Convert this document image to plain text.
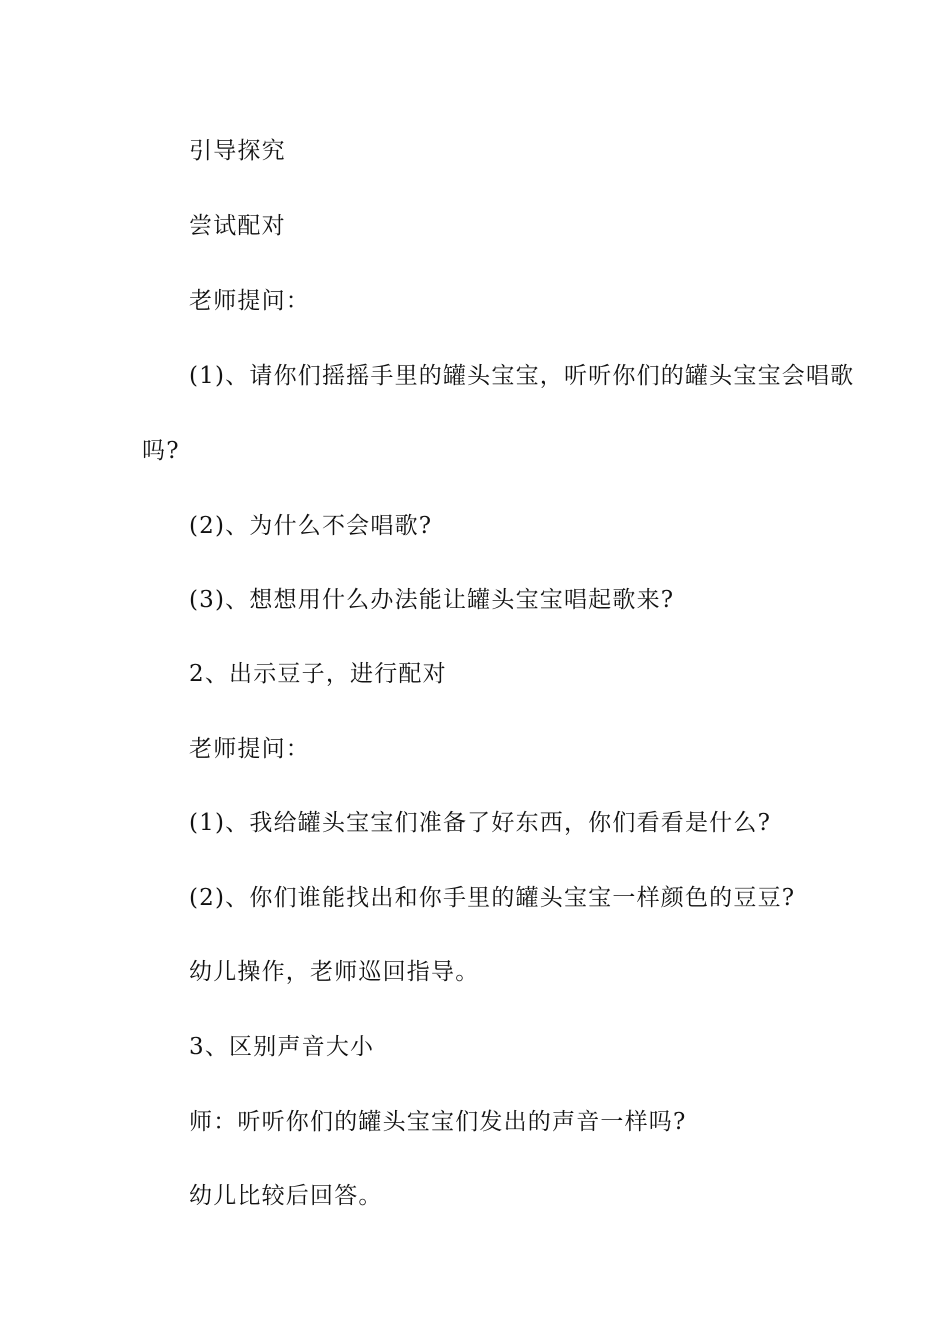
引导探究

尝试配对

老师提问：

(1)、请你们摇摇手里的罐头宝宝，听听你们的罐头宝宝会唱歌

吗?

(2)、为什么不会唱歌?

(3)、想想用什么办法能让罐头宝宝唱起歌来?

2、出示豆子，进行配对

老师提问：

(1)、我给罐头宝宝们准备了好东西，你们看看是什么?

(2)、你们谁能找出和你手里的罐头宝宝一样颜色的豆豆?

幼儿操作，老师巡回指导。

3、区别声音大小

师：听听你们的罐头宝宝们发出的声音一样吗?

幼儿比较后回答。
